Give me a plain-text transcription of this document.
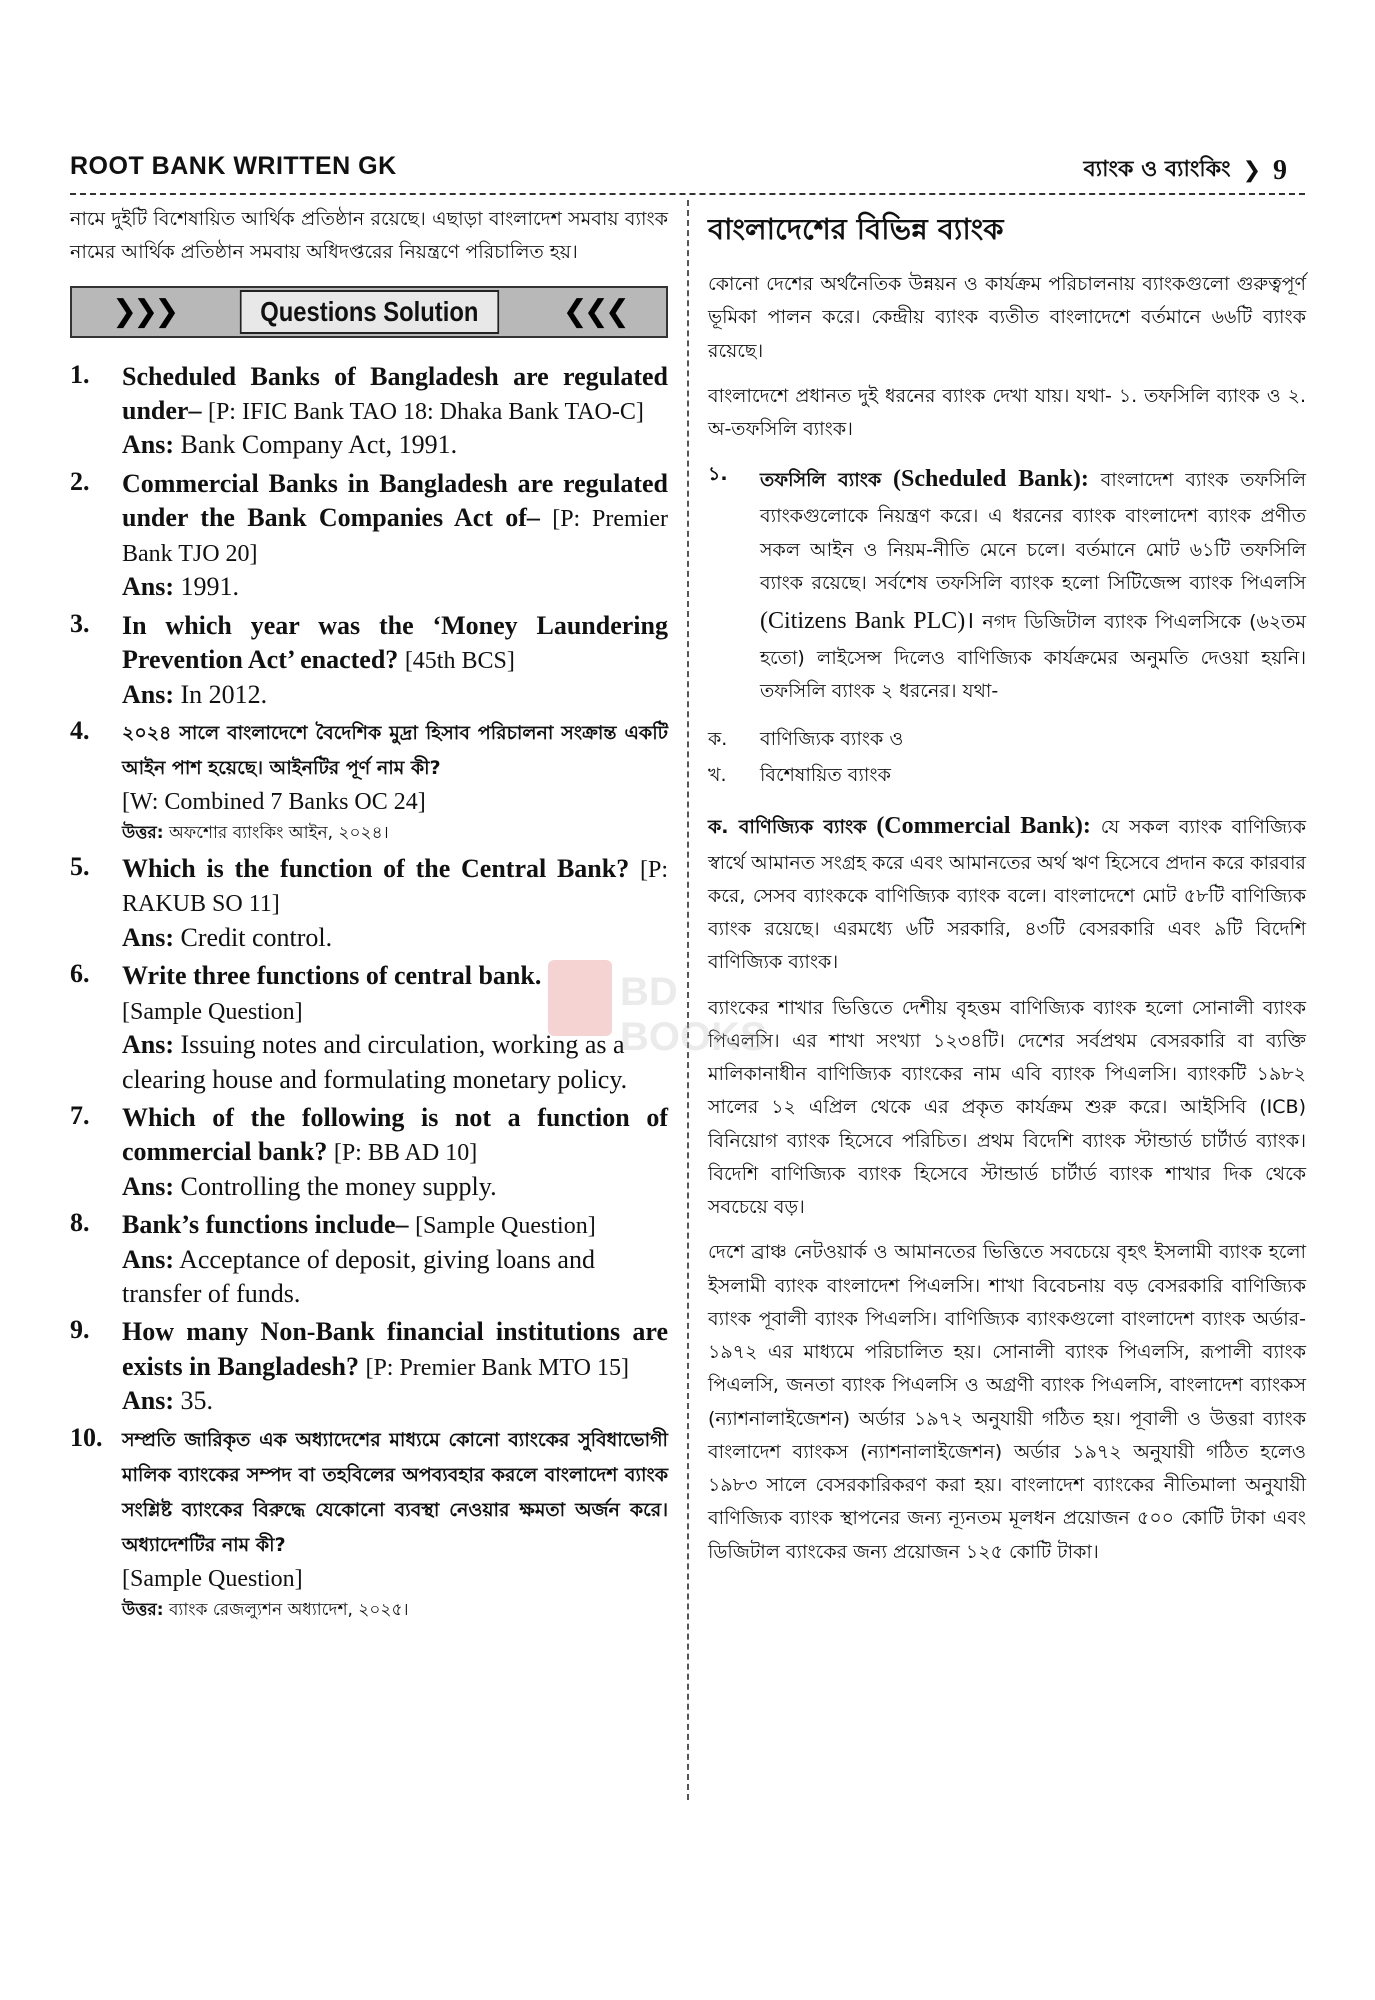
ROOT BANK WRITTEN GK	ব্যাংক ও ব্যাংকিং ❯ 9

নামে দুইটি বিশেষায়িত আর্থিক প্রতিষ্ঠান রয়েছে। এছাড়া বাংলাদেশ সমবায় ব্যাংক নামের আর্থিক প্রতিষ্ঠান সমবায় অধিদপ্তরের নিয়ন্ত্রণে পরিচালিত হয়।

❯❯❯	Questions Solution	❮❮❮
1. Scheduled Banks of Bangladesh are regulated under– [P: IFIC Bank TAO 18: Dhaka Bank TAO-C]
Ans: Bank Company Act, 1991.
2. Commercial Banks in Bangladesh are regulated under the Bank Companies Act of– [P: Premier Bank TJO 20]
Ans: 1991.
3. In which year was the ‘Money Laundering Prevention Act’ enacted? [45th BCS]
Ans: In 2012.
4. ২০২৪ সালে বাংলাদেশে বৈদেশিক মুদ্রা হিসাব পরিচালনা সংক্রান্ত একটি আইন পাশ হয়েছে। আইনটির পূর্ণ নাম কী?
[W: Combined 7 Banks OC 24]
উত্তর: অফশোর ব্যাংকিং আইন, ২০২৪।
5. Which is the function of the Central Bank? [P: RAKUB SO 11]
Ans: Credit control.
6. Write three functions of central bank.
[Sample Question]
Ans: Issuing notes and circulation, working as a clearing house and formulating monetary policy.
7. Which of the following is not a function of commercial bank? [P: BB AD 10]
Ans: Controlling the money supply.
8. Bank’s functions include– [Sample Question]
Ans: Acceptance of deposit, giving loans and transfer of funds.
9. How many Non-Bank financial institutions are exists in Bangladesh? [P: Premier Bank MTO 15]
Ans: 35.
10. সম্প্রতি জারিকৃত এক অধ্যাদেশের মাধ্যমে কোনো ব্যাংকের সুবিধাভোগী মালিক ব্যাংকের সম্পদ বা তহবিলের অপব্যবহার করলে বাংলাদেশ ব্যাংক সংশ্লিষ্ট ব্যাংকের বিরুদ্ধে যেকোনো ব্যবস্থা নেওয়ার ক্ষমতা অর্জন করে। অধ্যাদেশটির নাম কী?
[Sample Question]
উত্তর: ব্যাংক রেজল্যুশন অধ্যাদেশ, ২০২৫।
বাংলাদেশের বিভিন্ন ব্যাংক

কোনো দেশের অর্থনৈতিক উন্নয়ন ও কার্যক্রম পরিচালনায় ব্যাংকগুলো গুরুত্বপূর্ণ ভূমিকা পালন করে। কেন্দ্রীয় ব্যাংক ব্যতীত বাংলাদেশে বর্তমানে ৬৬টি ব্যাংক রয়েছে।

বাংলাদেশে প্রধানত দুই ধরনের ব্যাংক দেখা যায়। যথা- ১. তফসিলি ব্যাংক ও ২. অ-তফসিলি ব্যাংক।

১. তফসিলি ব্যাংক (Scheduled Bank): বাংলাদেশ ব্যাংক তফসিলি ব্যাংকগুলোকে নিয়ন্ত্রণ করে। এ ধরনের ব্যাংক বাংলাদেশ ব্যাংক প্রণীত সকল আইন ও নিয়ম-নীতি মেনে চলে। বর্তমানে মোট ৬১টি তফসিলি ব্যাংক রয়েছে। সর্বশেষ তফসিলি ব্যাংক হলো সিটিজেন্স ব্যাংক পিএলসি (Citizens Bank PLC)। নগদ ডিজিটাল ব্যাংক পিএলসিকে (৬২তম হতো) লাইসেন্স দিলেও বাণিজ্যিক কার্যক্রমের অনুমতি দেওয়া হয়নি। তফসিলি ব্যাংক ২ ধরনের। যথা-
ক. বাণিজ্যিক ব্যাংক ও
খ. বিশেষায়িত ব্যাংক

ক. বাণিজ্যিক ব্যাংক (Commercial Bank): যে সকল ব্যাংক বাণিজ্যিক স্বার্থে আমানত সংগ্রহ করে এবং আমানতের অর্থ ঋণ হিসেবে প্রদান করে কারবার করে, সেসব ব্যাংককে বাণিজ্যিক ব্যাংক বলে। বাংলাদেশে মোট ৫৮টি বাণিজ্যিক ব্যাংক রয়েছে। এরমধ্যে ৬টি সরকারি, ৪৩টি বেসরকারি এবং ৯টি বিদেশি বাণিজ্যিক ব্যাংক।

ব্যাংকের শাখার ভিত্তিতে দেশীয় বৃহত্তম বাণিজ্যিক ব্যাংক হলো সোনালী ব্যাংক পিএলসি। এর শাখা সংখ্যা ১২৩৪টি। দেশের সর্বপ্রথম বেসরকারি বা ব্যক্তি মালিকানাধীন বাণিজ্যিক ব্যাংকের নাম এবি ব্যাংক পিএলসি। ব্যাংকটি ১৯৮২ সালের ১২ এপ্রিল থেকে এর প্রকৃত কার্যক্রম শুরু করে। আইসিবি (ICB) বিনিয়োগ ব্যাংক হিসেবে পরিচিত। প্রথম বিদেশি ব্যাংক স্টান্ডার্ড চার্টার্ড ব্যাংক। বিদেশি বাণিজ্যিক ব্যাংক হিসেবে স্টান্ডার্ড চার্টার্ড ব্যাংক শাখার দিক থেকে সবচেয়ে বড়।

দেশে ব্রাঞ্চ নেটওয়ার্ক ও আমানতের ভিত্তিতে সবচেয়ে বৃহৎ ইসলামী ব্যাংক হলো ইসলামী ব্যাংক বাংলাদেশ পিএলসি। শাখা বিবেচনায় বড় বেসরকারি বাণিজ্যিক ব্যাংক পূবালী ব্যাংক পিএলসি। বাণিজ্যিক ব্যাংকগুলো বাংলাদেশ ব্যাংক অর্ডার- ১৯৭২ এর মাধ্যমে পরিচালিত হয়। সোনালী ব্যাংক পিএলসি, রূপালী ব্যাংক পিএলসি, জনতা ব্যাংক পিএলসি ও অগ্রণী ব্যাংক পিএলসি, বাংলাদেশ ব্যাংকস (ন্যাশনালাইজেশন) অর্ডার ১৯৭২ অনুযায়ী গঠিত হয়। পূবালী ও উত্তরা ব্যাংক বাংলাদেশ ব্যাংকস (ন্যাশনালাইজেশন) অর্ডার ১৯৭২ অনুযায়ী গঠিত হলেও ১৯৮৩ সালে বেসরকারিকরণ করা হয়। বাংলাদেশ ব্যাংকের নীতিমালা অনুযায়ী বাণিজ্যিক ব্যাংক স্থাপনের জন্য ন্যূনতম মূলধন প্রয়োজন ৫০০ কোটি টাকা এবং ডিজিটাল ব্যাংকের জন্য প্রয়োজন ১২৫ কোটি টাকা।

BD BOOKS
